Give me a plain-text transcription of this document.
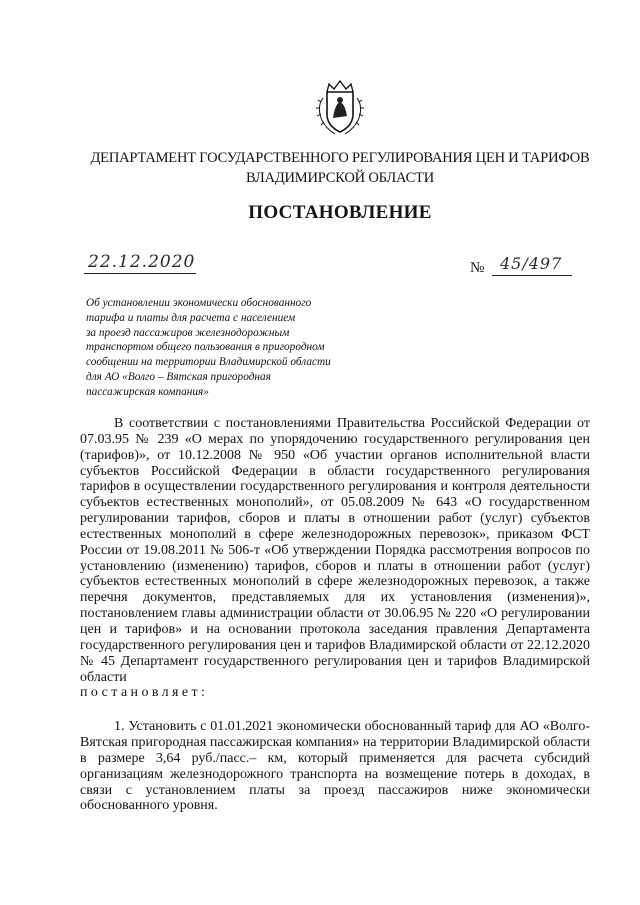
ДЕПАРТАМЕНТ ГОСУДАРСТВЕННОГО РЕГУЛИРОВАНИЯ ЦЕН И ТАРИФОВ
ВЛАДИМИРСКОЙ ОБЛАСТИ
ПОСТАНОВЛЕНИЕ
22.12.2020	№ 45/497
Об установлении экономически обоснованного
тарифа и платы для расчета с населением
за проезд пассажиров железнодорожным
транспортом общего пользования в пригородном
сообщении на территории Владимирской области
для АО «Волго – Вятская пригородная
пассажирская компания»

В соответствии с постановлениями Правительства Российской Федерации от 07.03.95 № 239 «О мерах по упорядочению государственного регулирования цен (тарифов)», от 10.12.2008 № 950 «Об участии органов исполнительной власти субъектов Российской Федерации в области государственного регулирования тарифов в осуществлении государственного регулирования и контроля деятельности субъектов естественных монополий», от 05.08.2009 № 643 «О государственном регулировании тарифов, сборов и платы в отношении работ (услуг) субъектов естественных монополий в сфере железнодорожных перевозок», приказом ФСТ России от 19.08.2011 № 506-т «Об утверждении Порядка рассмотрения вопросов по установлению (изменению) тарифов, сборов и платы в отношении работ (услуг) субъектов естественных монополий в сфере железнодорожных перевозок, а также перечня документов, представляемых для их установления (изменения)», постановлением главы администрации области от 30.06.95 № 220 «О регулировании цен и тарифов» и на основании протокола заседания правления Департамента государственного регулирования цен и тарифов Владимирской области от 22.12.2020 № 45 Департамент государственного регулирования цен и тарифов Владимирской области

постановляет:

1. Установить с 01.01.2021 экономически обоснованный тариф для АО «Волго-Вятская пригородная пассажирская компания» на территории Владимирской области в размере 3,64 руб./пасс.– км, который применяется для расчета субсидий организациям железнодорожного транспорта на возмещение потерь в доходах, в связи с установлением платы за проезд пассажиров ниже экономически обоснованного уровня.
